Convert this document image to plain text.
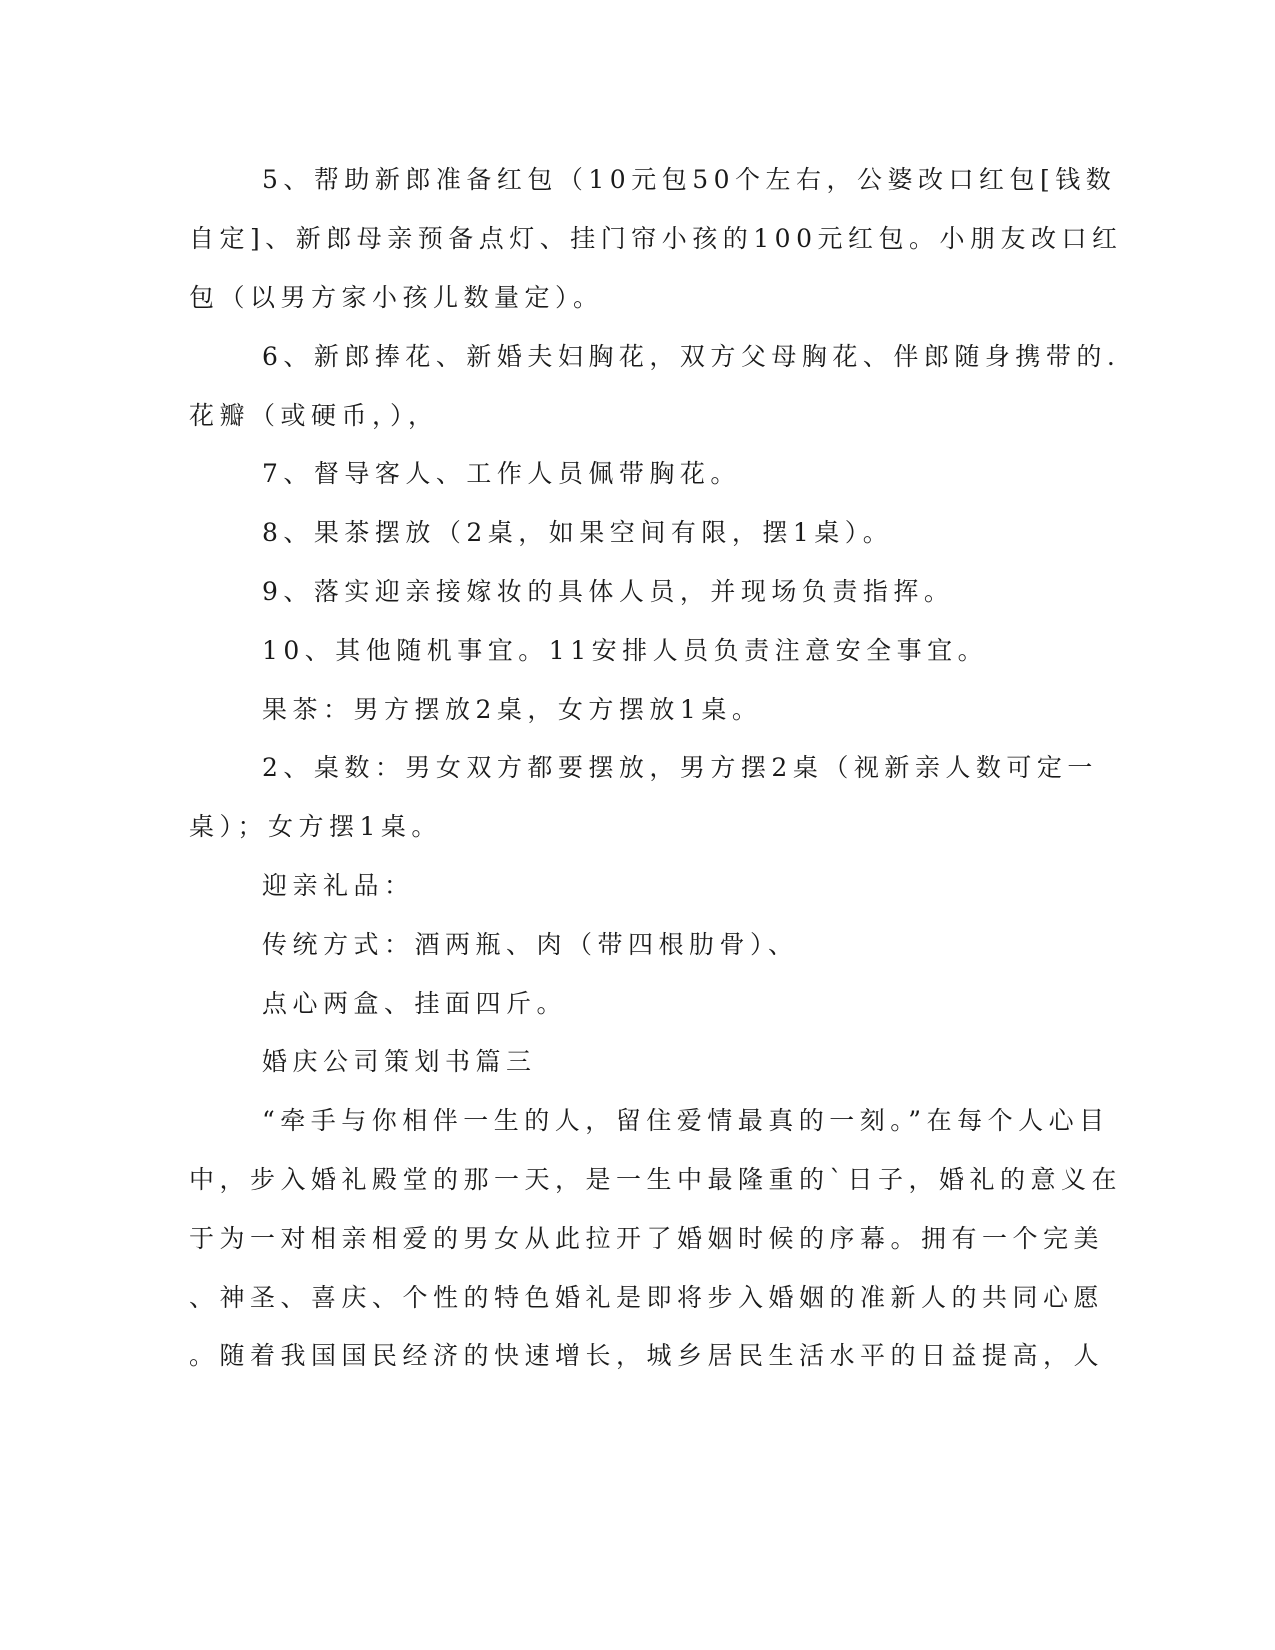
5、帮助新郎准备红包（10元包50个左右，公婆改口红包[钱数
自定]、新郎母亲预备点灯、挂门帘小孩的100元红包。小朋友改口红
包（以男方家小孩儿数量定）。
6、新郎捧花、新婚夫妇胸花，双方父母胸花、伴郎随身携带的.
花瓣（或硬币，），
7、督导客人、工作人员佩带胸花。
8、果茶摆放（2桌，如果空间有限，摆1桌）。
9、落实迎亲接嫁妆的具体人员，并现场负责指挥。
10、其他随机事宜。11安排人员负责注意安全事宜。
果茶：男方摆放2桌，女方摆放1桌。
2、桌数：男女双方都要摆放，男方摆2桌（视新亲人数可定一
桌）；女方摆1桌。
迎亲礼品：
传统方式：酒两瓶、肉（带四根肋骨）、
点心两盒、挂面四斤。
婚庆公司策划书篇三
“牵手与你相伴一生的人，留住爱情最真的一刻。”在每个人心目
中，步入婚礼殿堂的那一天，是一生中最隆重的`日子，婚礼的意义在
于为一对相亲相爱的男女从此拉开了婚姻时候的序幕。拥有一个完美
、神圣、喜庆、个性的特色婚礼是即将步入婚姻的准新人的共同心愿
。随着我国国民经济的快速增长，城乡居民生活水平的日益提高，人
